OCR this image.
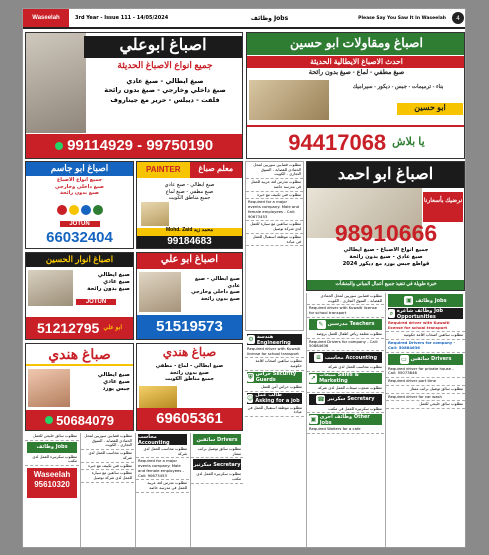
Waseelah	3rd Year - Issue 111 - 14/05/2024	وظائف Jobs	Please Say You Saw It In Waseelah	4
اصباغ ابوعلي
جميع انواع الاصباغ الحديثة
صبغ ايطالي - صبغ عادي
صبغ داخلي وخارجي - صبغ بدون رائحة
فلفت - ديبلس - حرير مع جيناروف
99114929 - 99750190
اصباغ ومقاولات ابو حسين
احدث الاصباغ الايطالية الحديثة
صبغ مطفي - لماع - صبغ بدون رائحة
بناء - ترميمات - جبس - ديكور - سيراميك
ابو حسين
94417068 يا بلاش
اصباغ ابو جاسم
جميع انواع الاصباغ
صبغ داخلي وخارجي
صبغ بدون رائحة
JOTUN
66032404
PAINTER	معلم صباغ
صبغ ايطالي - صبغ عادي
صبغ مطفي - صبغ لماع
جميع مناطق الكويت
Mohd. Zaid محمد زيد
99184683
اصباغ ابو احمد
نرضيك بأسعارنا
98910666
جميع انواع الاصباغ - صبغ ايطالي
صبغ عادي - صبغ بدون رائحة
قواطع جبس بورد مع ديكور 2024
خبرة طويلة في تنفيذ جميع أعمال المباني والمنشآت
مطلوب قصابين سوريين لمحل الحمادي للقصابة - السوق التجاري - الكويت
مطلوب مدرس لغة عربية للعمل في مدرسة خاصة
مطلوب فني تكييف مع خبرة
Required for a major events company: Male and female employees - Call: 90673453
مطلوب سائقين مع سيارة للعمل لدى شركة توصيل
مطلوب موظفة استقبال للعمل في عيادة
اصباغ انوار الحسين
صبغ ايطالي
صبغ عادي
صبغ بدون رائحة
JOTUN
51212795 ابو علي
اصباغ ابو علي
صبغ ايطالي - صبغ عادي
صبغ داخلي وخارجي
صبغ بدون رائحة
51519573
صباغ هندي
صبغ ايطالي
صبغ عادي
جبس بورد
50684079
صباغ هندي
صبغ ايطالي - لماع - مطفي
صبغ بدون رائحة
جميع مناطق الكويت
69605361
⚙ هندسة Engineering
Required driver with Kuwaiti license for school transport
مطلوب سائقين اصحاب اقامة حكومية
⛨ حراس Security Guards
مطلوب حراس أمن للعمل
☺ طالب عمل Asking for a job
مطلوب موظفة استقبال للعمل في عيادة
مطلوب قصابين سوريين لمحل الحمادي للقصابة - السوق التجاري - الكويت
Required driver with Kuwaiti license for school transport
✎ مدرسين Teachers
مطلوب معلمة رياض اطفال للعمل بروضة
Required Drivers for company - Call: 50884636
≡ محاسب Accounting
مطلوب محاسب للعمل لدى شركة
↗ مبيعات Sales & Marketing
مطلوب مندوب مبيعات للعمل لدى شركة
☎ سكرتير Secretary
مطلوب سكرتيرة للعمل في مكتب
▣ وظائف أخرى Other Jobs
Required Waiters for a cafe
▣ وظائف Jobs
⌕ وظائف شاغرة Job Opportunities
Required driver with Kuwaiti license for school transport
مطلوب سائقين اصحاب اقامة حكومية
Required Drivers for company - Call: 50884636
▭ سائقين Drivers
Required driver for private house - Call: 55073846
Required driver part time
مطلوب سائق توصيل براتب ممتاز
Required driver for car wash
مطلوب سائق خليجي للعمل
مطلوب سائق خليجي للعمل
وظائف Jobs
مطلوب سكرتيرة للعمل لدى مكتب
Waseelah
95610320
مطلوب قصابين سوريين لمحل الحمادي للقصابة - السوق التجاري - الكويت
مطلوب محاسب للعمل لدى شركة
مطلوب فني تكييف مع خبرة
مطلوب سائقين مع سيارة للعمل لدى شركة توصيل
محاسب Accounting
مطلوب محاسب للعمل لدى شركة
Required for a major events company: Male and female employees - Call: 90673453
مطلوب مدرس لغة عربية للعمل في مدرسة خاصة
سائقين Drivers
مطلوب سائق توصيل براتب ممتاز
سكرتير Secretary
مطلوب سكرتيرة للعمل لدى مكتب
